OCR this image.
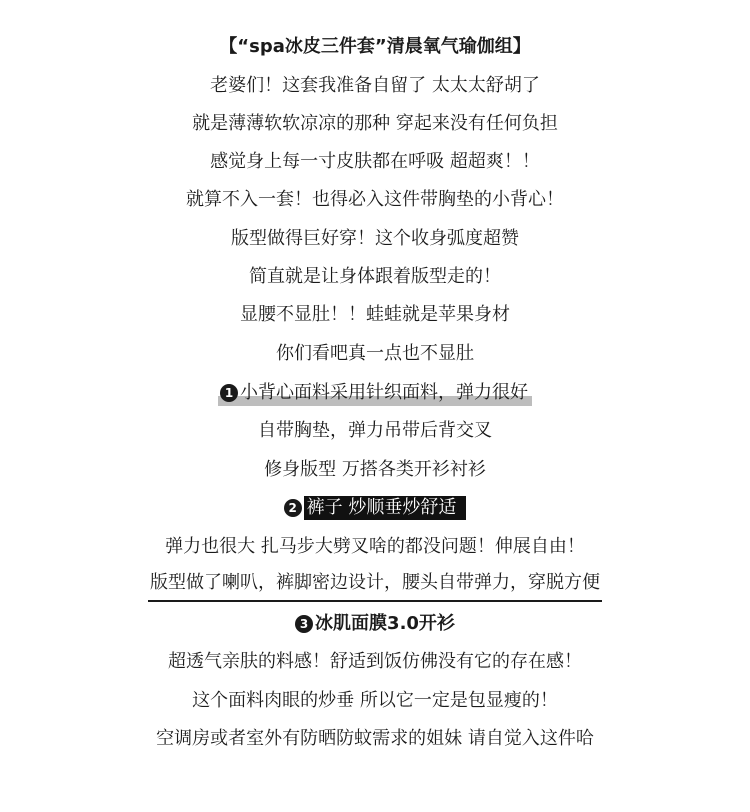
【“spa冰皮三件套”清晨氧气瑜伽组】
老婆们！这套我准备自留了 太太太舒胡了
就是薄薄软软凉凉的那种 穿起来没有任何负担
感觉身上每一寸皮肤都在呼吸 超超爽！！
就算不入一套！也得必入这件带胸垫的小背心！
版型做得巨好穿！这个收身弧度超赞
简直就是让身体跟着版型走的！
显腰不显肚！！蛙蛙就是苹果身材
你们看吧真一点也不显肚
1 小背心面料采用针织面料，弹力很好
自带胸垫，弹力吊带后背交叉
修身版型 万搭各类开衫衬衫
2 裤子 炒顺垂炒舒适
弹力也很大 扎马步大劈叉啥的都没问题！伸展自由！
版型做了喇叭，裤脚密边设计，腰头自带弹力，穿脱方便
3 冰肌面膜3.0开衫
超透气亲肤的料感！舒适到饭仿佛没有它的存在感！
这个面料肉眼的炒垂 所以它一定是包显瘦的！
空调房或者室外有防晒防蚊需求的姐妹 请自觉入这件哈
